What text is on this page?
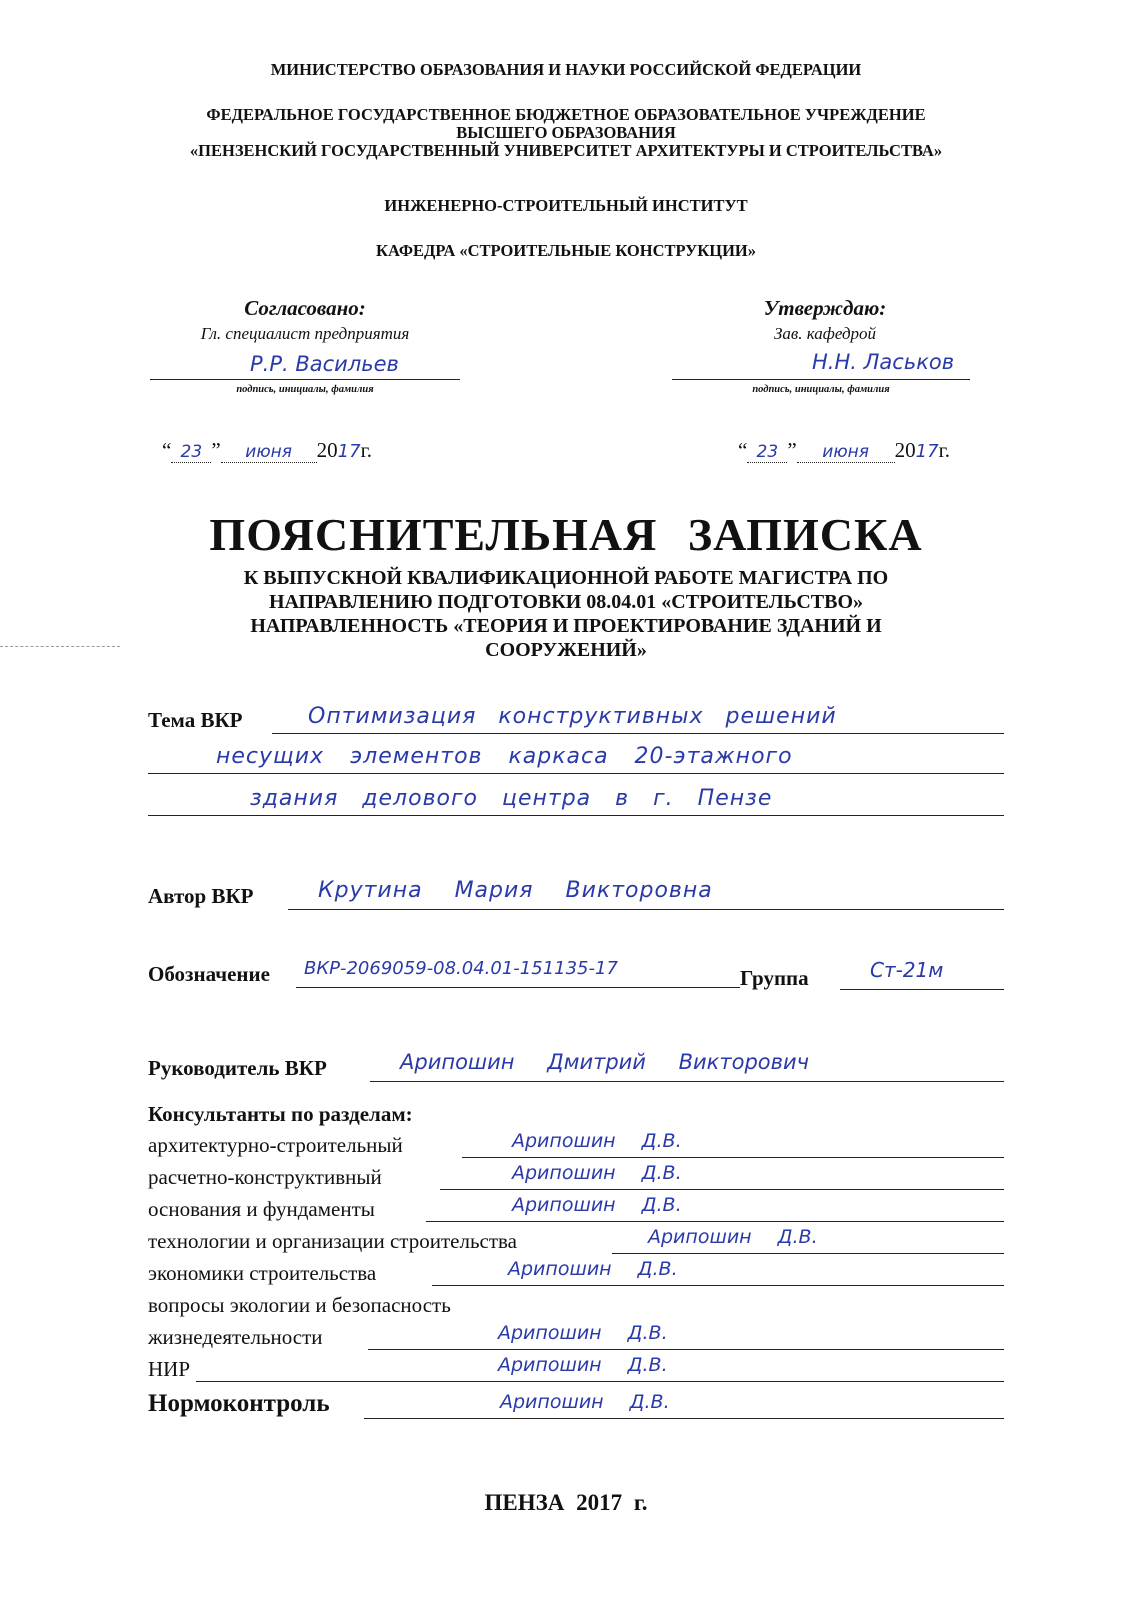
МИНИСТЕРСТВО ОБРАЗОВАНИЯ И НАУКИ РОССИЙСКОЙ ФЕДЕРАЦИИ
ФЕДЕРАЛЬНОЕ ГОСУДАРСТВЕННОЕ БЮДЖЕТНОЕ ОБРАЗОВАТЕЛЬНОЕ УЧРЕЖДЕНИЕ
ВЫСШЕГО ОБРАЗОВАНИЯ
«ПЕНЗЕНСКИЙ ГОСУДАРСТВЕННЫЙ УНИВЕРСИТЕТ АРХИТЕКТУРЫ И СТРОИТЕЛЬСТВА»
ИНЖЕНЕРНО-СТРОИТЕЛЬНЫЙ ИНСТИТУТ
КАФЕДРА «СТРОИТЕЛЬНЫЕ КОНСТРУКЦИИ»
Согласовано:
Гл. специалист предприятия
Р.Р. Васильев
подпись, инициалы, фамилия
“ 23 ” июня 2017г.
Утверждаю:
Зав. кафедрой
Н.Н. Ласьков
подпись, инициалы, фамилия
“ 23 ” июня 2017г.
ПОЯСНИТЕЛЬНАЯ ЗАПИСКА
К ВЫПУСКНОЙ КВАЛИФИКАЦИОННОЙ РАБОТЕ МАГИСТРА ПО
НАПРАВЛЕНИЮ ПОДГОТОВКИ 08.04.01 «СТРОИТЕЛЬСТВО»
НАПРАВЛЕННОСТЬ «ТЕОРИЯ И ПРОЕКТИРОВАНИЕ ЗДАНИЙ И
СООРУЖЕНИЙ»
Тема ВКР	Оптимизация конструктивных решений
несущих элементов каркаса 20-этажного
здания делового центра в г. Пензе
Автор ВКР	Крутина Мария Викторовна
Обозначение ВКР-2069059-08.04.01-151135-17	Группа	Ст-21м
Руководитель ВКР	Арипошин Дмитрий Викторович
Консультанты по разделам:
архитектурно-строительный	Арипошин Д.В.
расчетно-конструктивный	Арипошин Д.В.
основания и фундаменты	Арипошин Д.В.
технологии и организации строительства	Арипошин Д.В.
экономики строительства	Арипошин Д.В.
вопросы экологии и безопасность
жизнедеятельности	Арипошин Д.В.
НИР	Арипошин Д.В.
Нормоконтроль	Арипошин Д.В.
ПЕНЗА 2017 г.
